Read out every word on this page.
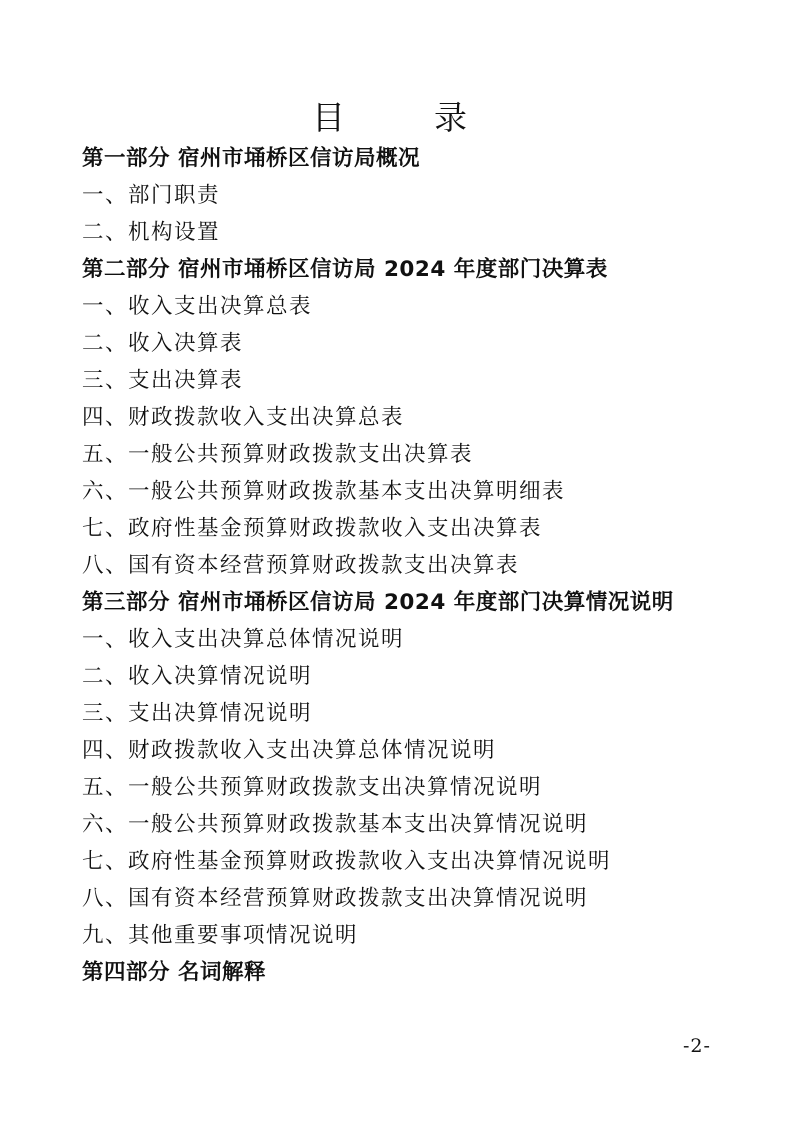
目　录
第一部分 宿州市埇桥区信访局概况
一、部门职责
二、机构设置
第二部分 宿州市埇桥区信访局 2024 年度部门决算表
一、收入支出决算总表
二、收入决算表
三、支出决算表
四、财政拨款收入支出决算总表
五、一般公共预算财政拨款支出决算表
六、一般公共预算财政拨款基本支出决算明细表
七、政府性基金预算财政拨款收入支出决算表
八、国有资本经营预算财政拨款支出决算表
第三部分 宿州市埇桥区信访局 2024 年度部门决算情况说明
一、收入支出决算总体情况说明
二、收入决算情况说明
三、支出决算情况说明
四、财政拨款收入支出决算总体情况说明
五、一般公共预算财政拨款支出决算情况说明
六、一般公共预算财政拨款基本支出决算情况说明
七、政府性基金预算财政拨款收入支出决算情况说明
八、国有资本经营预算财政拨款支出决算情况说明
九、其他重要事项情况说明
第四部分 名词解释
-2-
